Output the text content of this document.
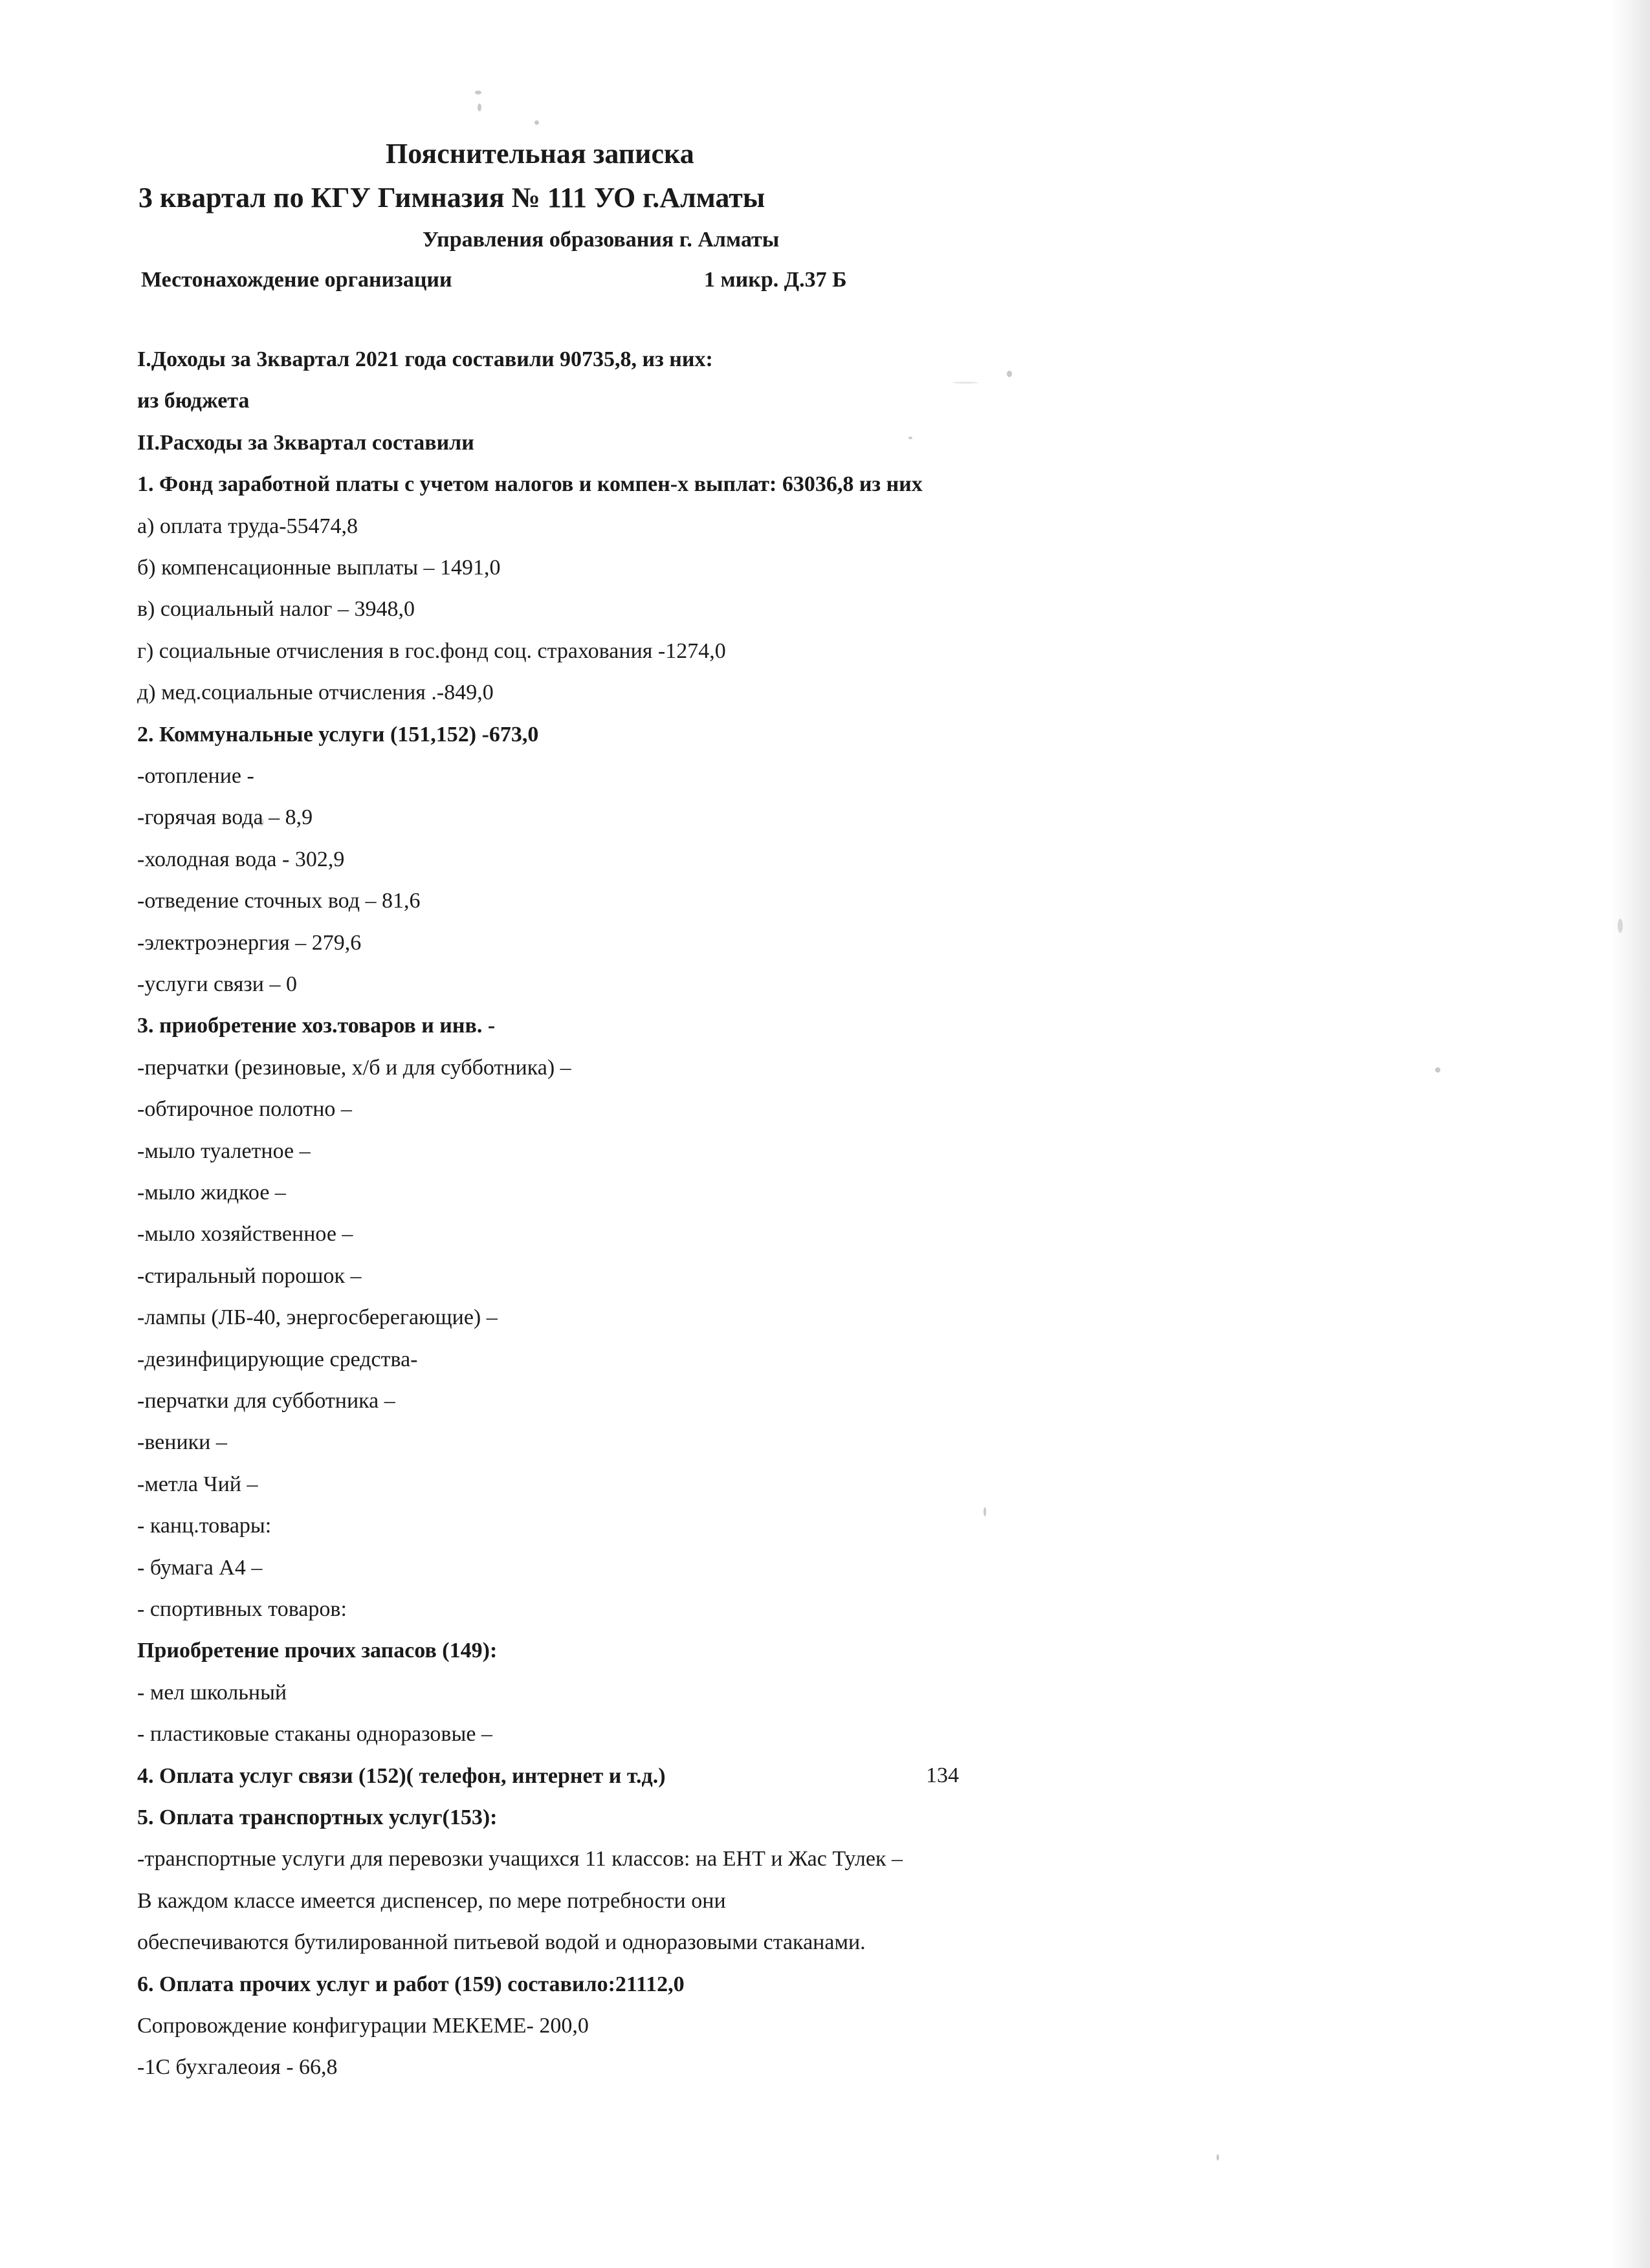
Пояснительная записка
3 квартал по КГУ Гимназия № 111 УО г.Алматы
Управления образования г. Алматы
Местонахождение организации	1 микр. Д.37 Б
I.Доходы за 3квартал 2021 года составили 90735,8, из них:
из бюджета
II.Расходы за 3квартал составили
1. Фонд заработной платы с учетом налогов и компен-х выплат: 63036,8 из них
а) оплата труда-55474,8
б) компенсационные выплаты – 1491,0
в) социальный налог – 3948,0
г) социальные отчисления в гос.фонд соц. страхования -1274,0
д) мед.социальные отчисления .-849,0
2. Коммунальные услуги (151,152) -673,0
-отопление -
-горячая вода – 8,9
-холодная вода - 302,9
-отведение сточных вод – 81,6
-электроэнергия – 279,6
-услуги связи – 0
3. приобретение хоз.товаров и инв. -
-перчатки (резиновые, х/б и для субботника) –
-обтирочное полотно –
-мыло туалетное –
-мыло жидкое –
-мыло хозяйственное –
-стиральный порошок –
-лампы (ЛБ-40, энергосберегающие) –
-дезинфицирующие средства-
-перчатки для субботника –
-веники –
-метла Чий –
- канц.товары:
- бумага А4 –
- спортивных товаров:
Приобретение прочих запасов (149):
- мел школьный
- пластиковые стаканы одноразовые –
4. Оплата услуг связи (152)( телефон, интернет и т.д.)	134
5. Оплата транспортных услуг(153):
-транспортные услуги для перевозки учащихся 11 классов: на ЕНТ и Жас Тулек –
В каждом классе имеется диспенсер, по мере потребности они
обеспечиваются бутилированной питьевой водой и одноразовыми стаканами.
6. Оплата прочих услуг и работ (159) составило:21112,0
Сопровождение конфигурации МЕКЕМЕ- 200,0
-1С бухгалеоия - 66,8
